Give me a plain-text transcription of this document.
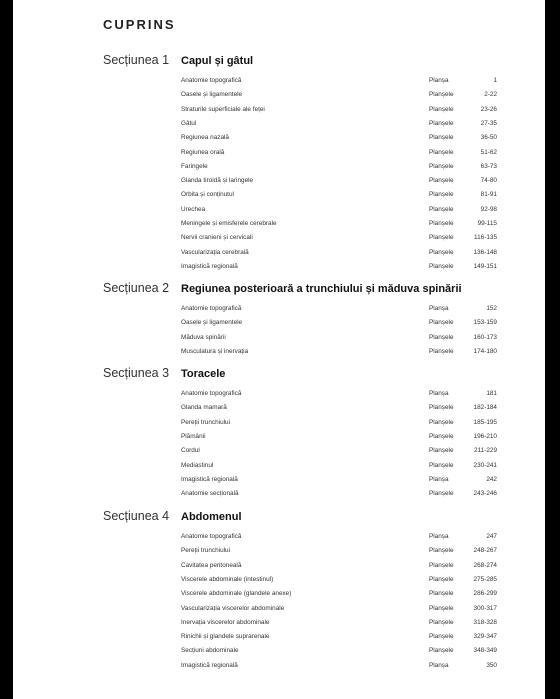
CUPRINS
Secțiunea 1	Capul și gâtul
Anatomie topografică	Planșa	1
Oasele și ligamentele	Planșele	2-22
Straturile superficiale ale feței	Planșele	23-26
Gâtul	Planșele	27-35
Regiunea nazală	Planșele	36-50
Regiunea orală	Planșele	51-62
Faringele	Planșele	63-73
Glanda tiroidă și laringele	Planșele	74-80
Orbita și conținutul	Planșele	81-91
Urechea	Planșele	92-98
Meningele și emisferele cerebrale	Planșele	99-115
Nervii cranieni și cervicali	Planșele	116-135
Vascularizația cerebrală	Planșele	136-148
Imagistică regională	Planșele	149-151
Secțiunea 2	Regiunea posterioară a trunchiului și măduva spinării
Anatomie topografică	Planșa	152
Oasele și ligamentele	Planșele	153-159
Măduva spinării	Planșele	160-173
Musculatura și inervația	Planșele	174-180
Secțiunea 3	Toracele
Anatomie topografică	Planșa	181
Glanda mamară	Planșele	182-184
Pereții trunchiului	Planșele	185-195
Plămânii	Planșele	196-210
Cordul	Planșele	211-229
Mediastinul	Planșele	230-241
Imagistică regională	Planșa	242
Anatomie secțională	Planșele	243-246
Secțiunea 4	Abdomenul
Anatomie topografică	Planșa	247
Pereții trunchiului	Planșele	248-267
Cavitatea peritoneală	Planșele	268-274
Viscerele abdominale (intestinul)	Planșele	275-285
Viscerele abdominale (glandele anexe)	Planșele	286-299
Vascularizația viscerelor abdominale	Planșele	300-317
Inervația viscerelor abdominale	Planșele	318-328
Rinichii și glandele suprarenale	Planșele	329-347
Secțiuni abdominale	Planșele	348-349
Imagistică regională	Planșa	350
